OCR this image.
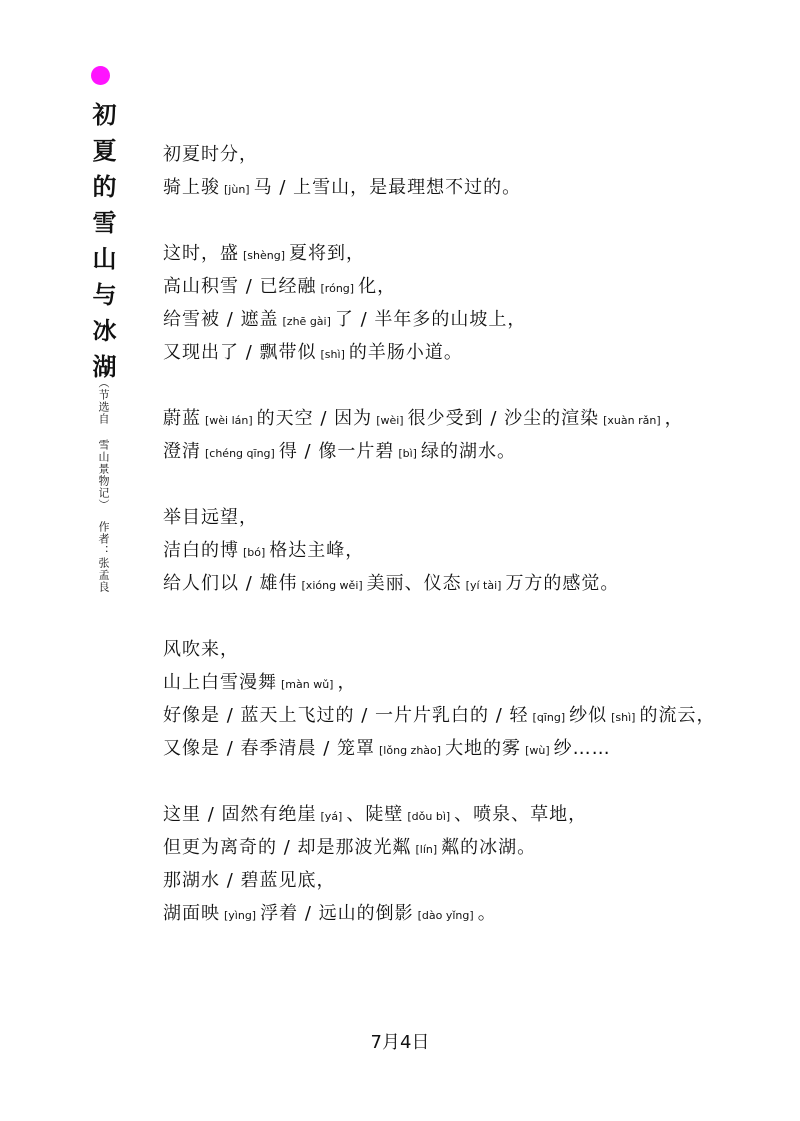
初夏的雪山与冰湖
（节选自 雪山景物记）作者：张孟良
初夏时分，
骑上骏 [jùn] 马 / 上雪山，是最理想不过的。
这时，盛 [shèng] 夏将到，
高山积雪 / 已经融 [róng] 化，
给雪被 / 遮盖 [zhē gài] 了 / 半年多的山坡上，
又现出了 / 飘带似 [shì] 的羊肠小道。
蔚蓝 [wèi lán] 的天空 / 因为 [wèi] 很少受到 / 沙尘的渲染 [xuàn rǎn] ，
澄清 [chéng qīng] 得 / 像一片碧 [bì] 绿的湖水。
举目远望，
洁白的博 [bó] 格达主峰，
给人们以 / 雄伟 [xióng wěi] 美丽、仪态 [yí tài] 万方的感觉。
风吹来，
山上白雪漫舞 [màn wǔ] ，
好像是 / 蓝天上飞过的 / 一片片乳白的 / 轻 [qīng] 纱似 [shì] 的流云，
又像是 / 春季清晨 / 笼罩 [lǒng zhào] 大地的雾 [wù] 纱……
这里 / 固然有绝崖 [yá] 、陡壁 [dǒu bì] 、喷泉、草地，
但更为离奇的 / 却是那波光粼 [lín] 粼的冰湖。
那湖水 / 碧蓝见底，
湖面映 [yìng] 浮着 / 远山的倒影 [dào yǐng] 。
7月4日
